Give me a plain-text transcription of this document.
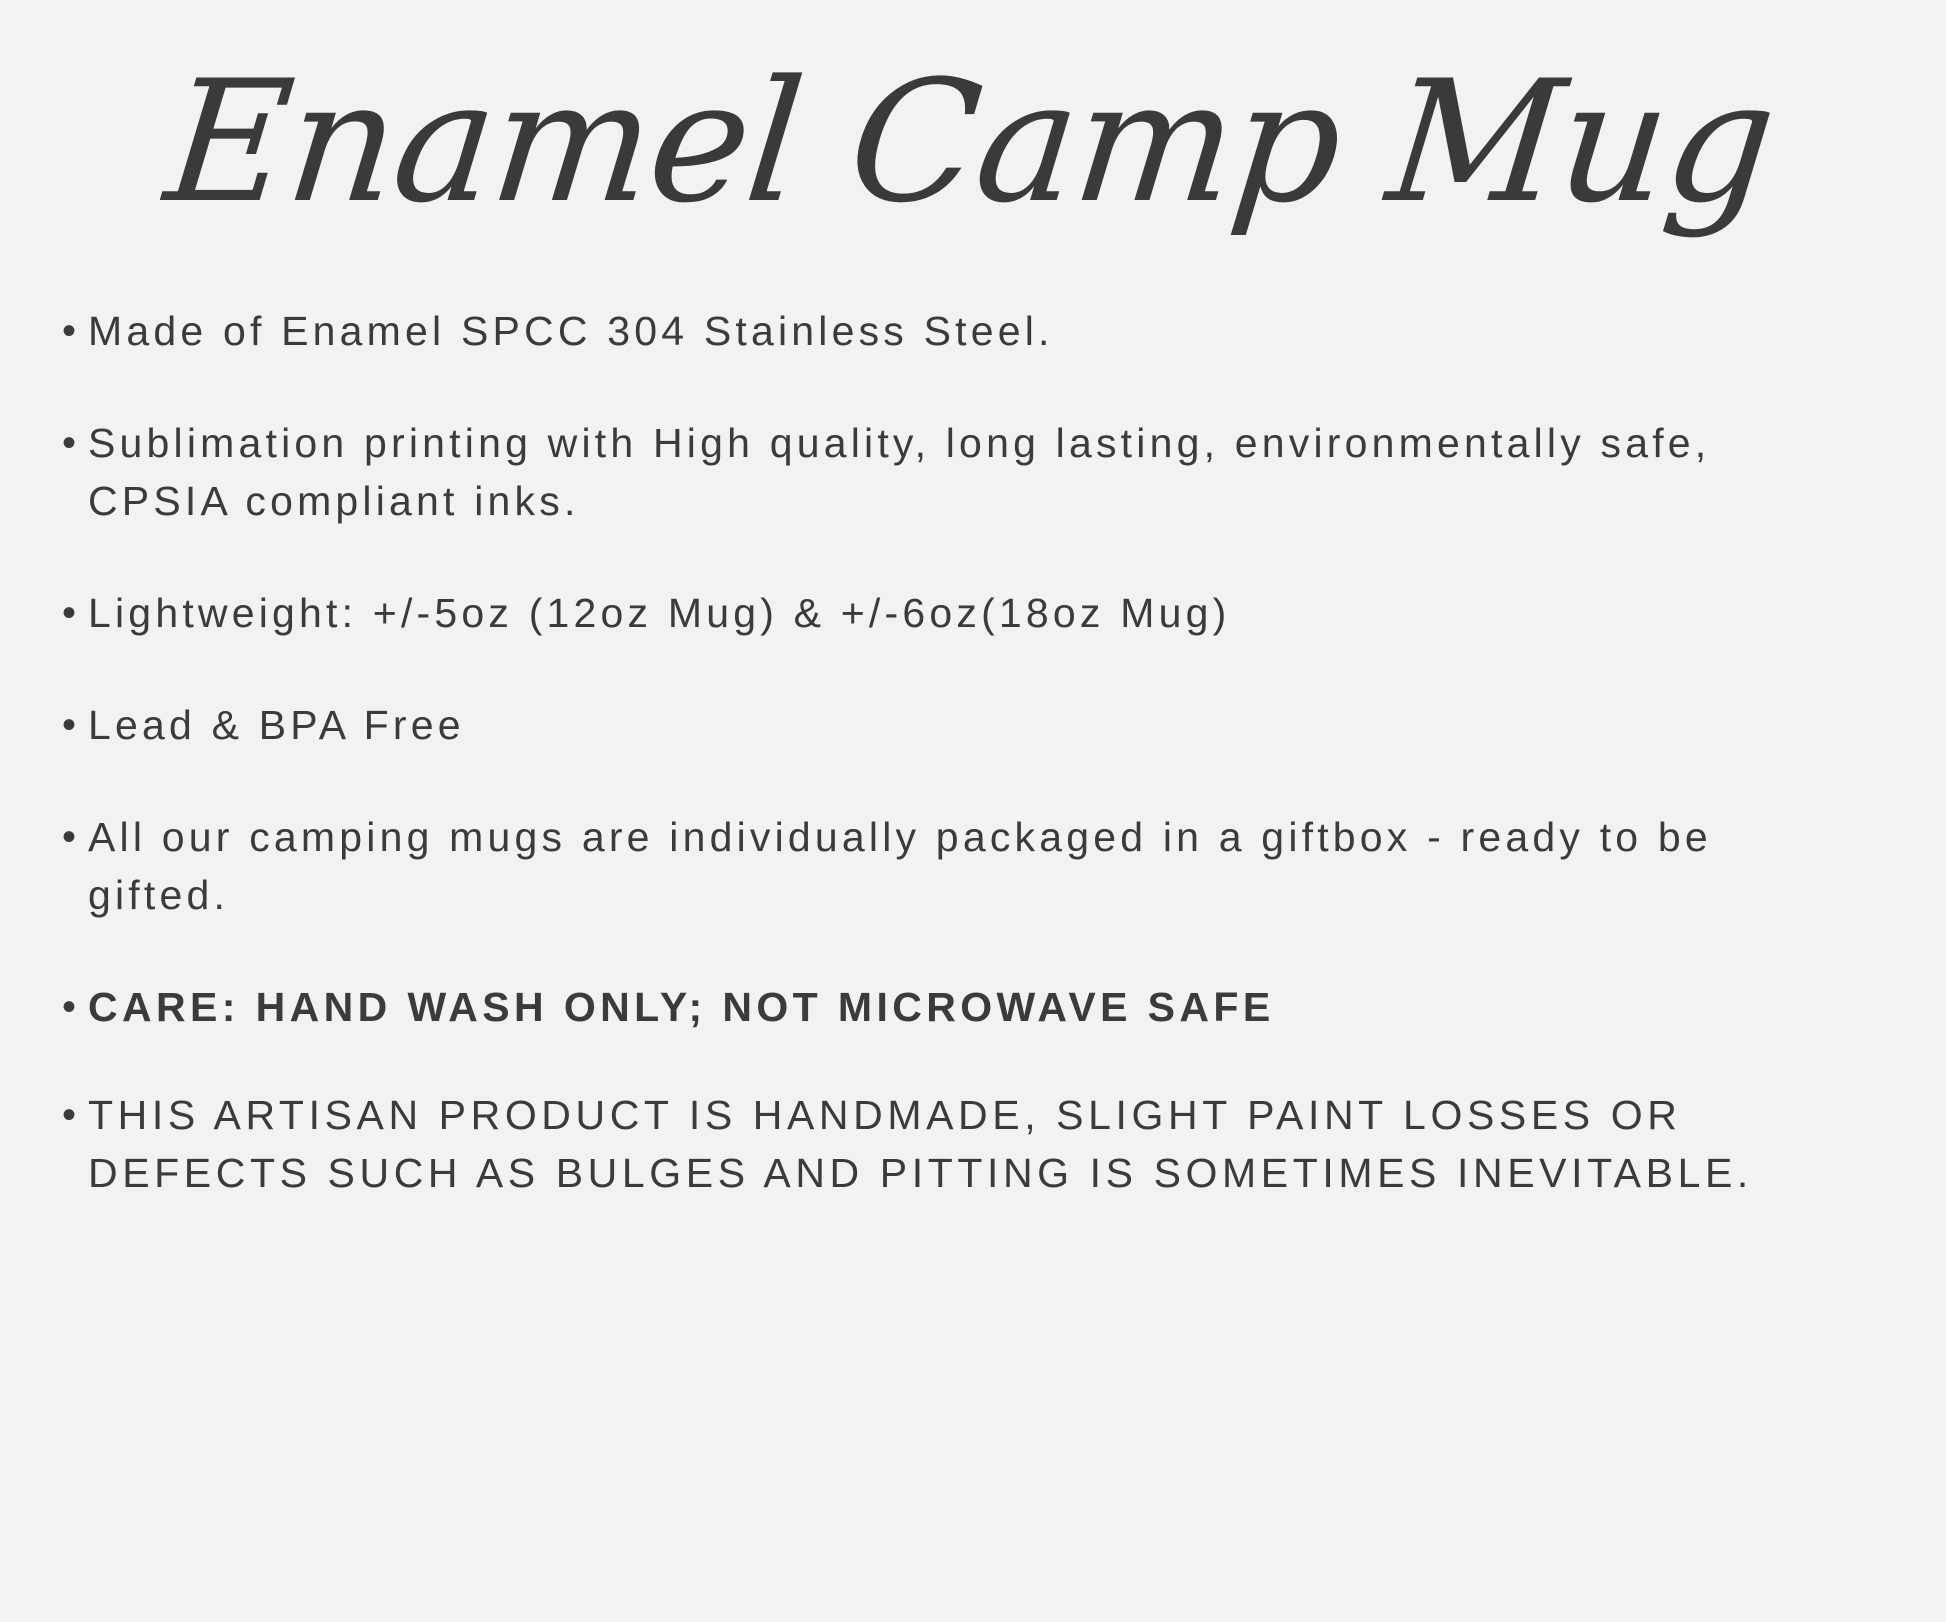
Enamel Camp Mug
• Made of Enamel SPCC 304 Stainless Steel.
• Sublimation printing with High quality, long lasting, environmentally safe, CPSIA compliant inks.
• Lightweight: +/-5oz (12oz Mug) & +/-6oz(18oz Mug)
• Lead & BPA Free
• All our camping mugs are individually packaged in a giftbox - ready to be gifted.
• CARE: HAND WASH ONLY; NOT MICROWAVE SAFE
• THIS ARTISAN PRODUCT IS HANDMADE, SLIGHT PAINT LOSSES OR DEFECTS SUCH AS BULGES AND PITTING IS SOMETIMES INEVITABLE.
